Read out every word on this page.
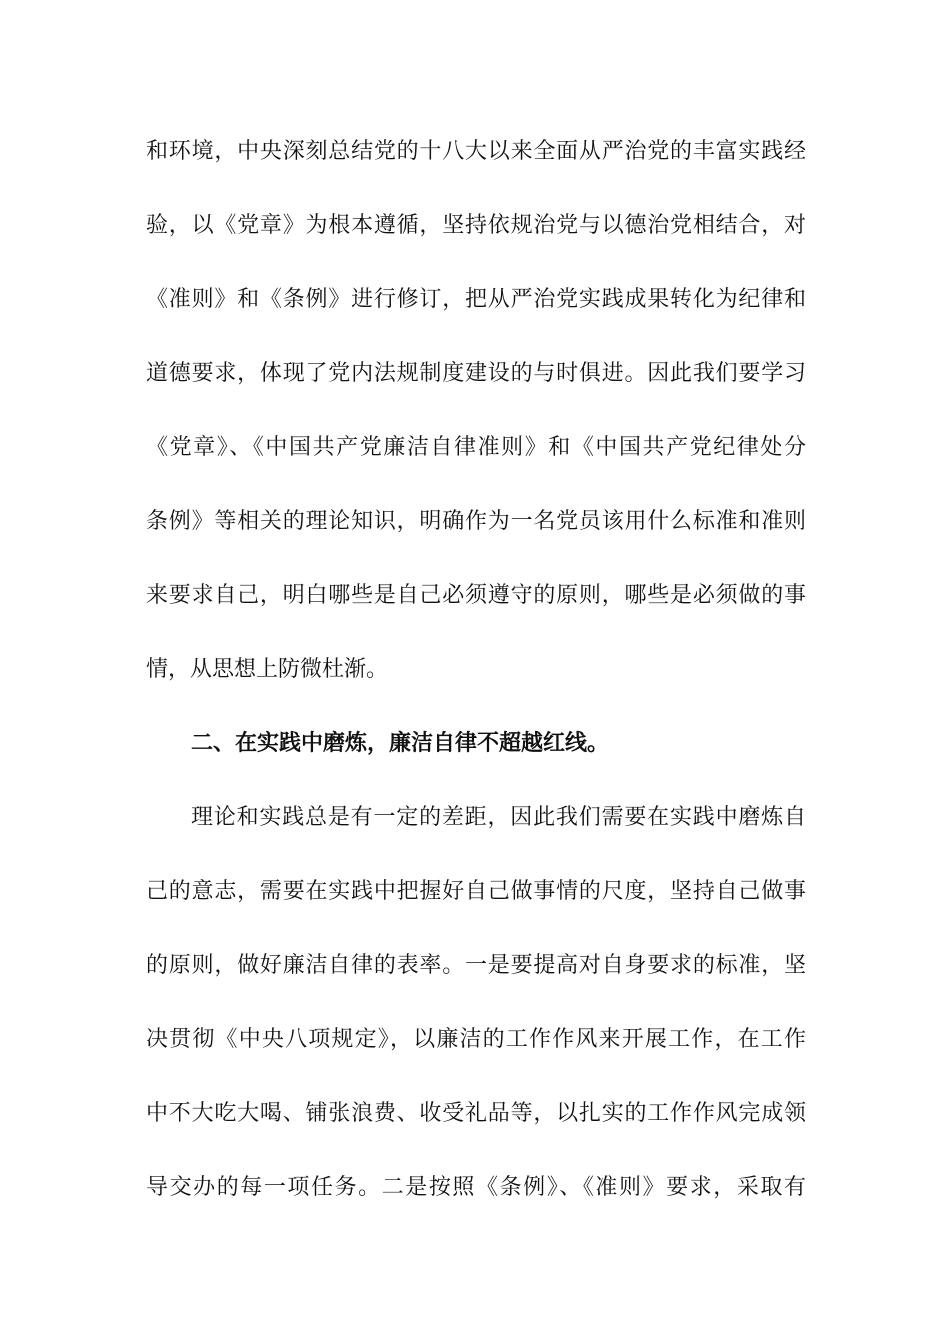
和环境，中央深刻总结党的十八大以来全面从严治党的丰富实践经
验，以《党章》为根本遵循，坚持依规治党与以德治党相结合，对
《准则》和《条例》进行修订，把从严治党实践成果转化为纪律和
道德要求，体现了党内法规制度建设的与时俱进。因此我们要学习
《党章》、《中国共产党廉洁自律准则》和《中国共产党纪律处分
条例》等相关的理论知识，明确作为一名党员该用什么标准和准则
来要求自己，明白哪些是自己必须遵守的原则，哪些是必须做的事
情，从思想上防微杜渐。
二、在实践中磨炼，廉洁自律不超越红线。
理论和实践总是有一定的差距，因此我们需要在实践中磨炼自
己的意志，需要在实践中把握好自己做事情的尺度，坚持自己做事
的原则，做好廉洁自律的表率。一是要提高对自身要求的标准，坚
决贯彻《中央八项规定》，以廉洁的工作作风来开展工作，在工作
中不大吃大喝、铺张浪费、收受礼品等，以扎实的工作作风完成领
导交办的每一项任务。二是按照《条例》、《准则》要求，采取有
